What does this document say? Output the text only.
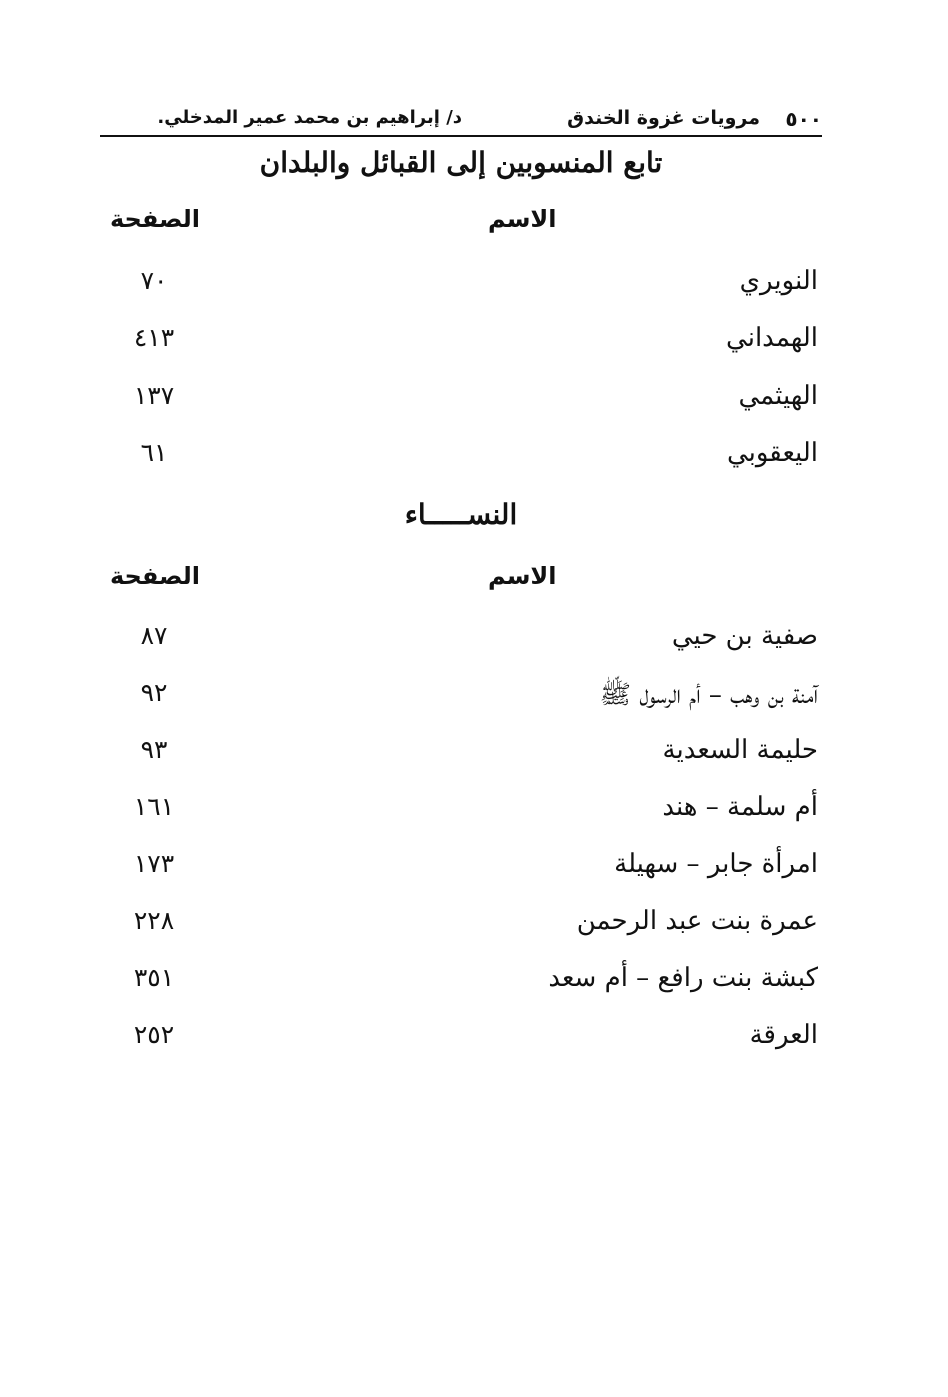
٥٠٠
مرويات غزوة الخندق
د/ إبراهيم بن محمد عمير المدخلي.
تابع المنسوبين إلى القبائل والبلدان
الاسم
الصفحة
النويري
٧٠
الهمداني
٤١٣
الهيثمي
١٣٧
اليعقوبي
٦١
النســـــاء
الاسم
الصفحة
صفية بن حيي
٨٧
آمنة بن وهب – أم الرسول ﷺ
٩٢
حليمة السعدية
٩٣
أم سلمة – هند
١٦١
امرأة جابر – سهيلة
١٧٣
عمرة بنت عبد الرحمن
٢٢٨
كبشة بنت رافع – أم سعد
٣٥١
العرقة
٢٥٢
